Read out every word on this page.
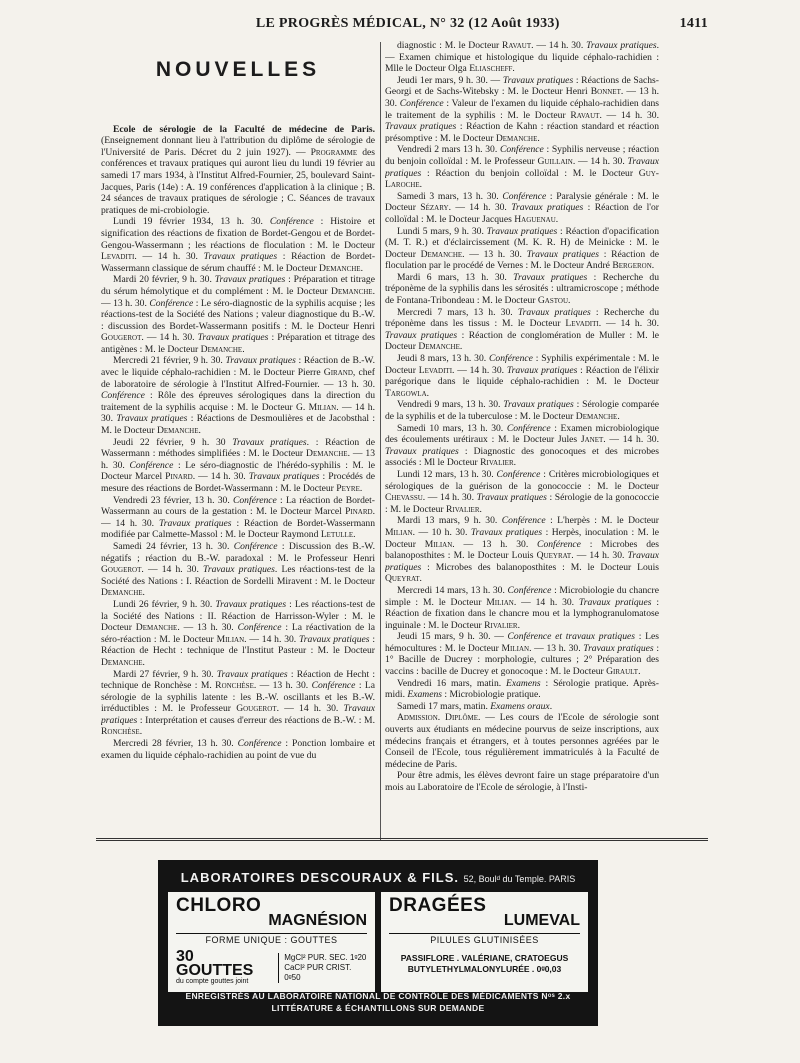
LE PROGRÈS MÉDICAL, N° 32 (12 Août 1933)	1411
NOUVELLES

Ecole de sérologie de la Faculté de médecine de Paris. (Enseignement donnant lieu à l'attribution du diplôme de sérologie de l'Université de Paris. Décret du 2 juin 1927). — Programme des conférences et travaux pratiques qui auront lieu du lundi 19 février au samedi 17 mars 1934, à l'Institut Alfred-Fournier, 25, boulevard Saint-Jacques, Paris (14e) : A. 19 conférences d'application à la clinique ; B. 24 séances de travaux pratiques de sérologie ; C. Séances de travaux pratiques de mi-crobiologie.

Lundi 19 février 1934, 13 h. 30. Conférence : Histoire et signification des réactions de fixation de Bordet-Gengou et de Bordet-Gengou-Wassermann ; les réactions de floculation : M. le Docteur Levaditi. — 14 h. 30. Travaux pratiques : Réaction de Bordet-Wassermann classique de sérum chauffé : M. le Docteur Demanche.

Mardi 20 février, 9 h. 30. Travaux pratiques : Préparation et titrage du sérum hémolytique et du complément : M. le Docteur Demanche. — 13 h. 30. Conférence : Le séro-diagnostic de la syphilis acquise ; les réactions-test de la Société des Nations ; valeur diagnostique du B.-W. : discussion des Bordet-Wassermann positifs : M. le Docteur Henri Gougerot. — 14 h. 30. Travaux pratiques : Préparation et titrage des antigènes : M. le Docteur Demanche.

Mercredi 21 février, 9 h. 30. Travaux pratiques : Réaction de B.-W. avec le liquide céphalo-rachidien : M. le Docteur Pierre Girand, chef de laboratoire de sérologie à l'Institut Alfred-Fournier. — 13 h. 30. Conférence : Rôle des épreuves sérologiques dans la direction du traitement de la syphilis acquise : M. le Docteur G. Milian. — 14 h. 30. Travaux pratiques : Réactions de Desmoulières et de Jacobsthal : M. le Docteur Demanche.

Jeudi 22 février, 9 h. 30 Travaux pratiques. : Réaction de Wassermann : méthodes simplifiées : M. le Docteur Demanche. — 13 h. 30. Conférence : Le séro-diagnostic de l'hérédo-syphilis : M. le Docteur Marcel Pinard. — 14 h. 30. Travaux pratiques : Procédés de mesure des réactions de Bordet-Wassermann : M. le Docteur Peyre.

Vendredi 23 février, 13 h. 30. Conférence : La réaction de Bordet-Wassermann au cours de la gestation : M. le Docteur Marcel Pinard. — 14 h. 30. Travaux pratiques : Réaction de Bordet-Wassermann modifiée par Calmette-Massol : M. le Docteur Raymond Letulle.

Samedi 24 février, 13 h. 30. Conférence : Discussion des B.-W. négatifs ; réaction du B.-W. paradoxal : M. le Professeur Henri Gougerot. — 14 h. 30. Travaux pratiques. Les réactions-test de la Société des Nations : I. Réaction de Sordelli Miravent : M. le Docteur Demanche.

Lundi 26 février, 9 h. 30. Travaux pratiques : Les réactions-test de la Société des Nations : II. Réaction de Harrisson-Wyler : M. le Docteur Demanche. — 13 h. 30. Conférence : La réactivation de la séro-réaction : M. le Docteur Milian. — 14 h. 30. Travaux pratiques : Réaction de Hecht : technique de l'Institut Pasteur : M. le Docteur Demanche.

Mardi 27 février, 9 h. 30. Travaux pratiques : Réaction de Hecht : technique de Ronchèse : M. Ronchèse. — 13 h. 30. Conférence : La sérologie de la syphilis latente : les B.-W. oscillants et les B.-W. irréductibles : M. le Professeur Gougerot. — 14 h. 30. Travaux pratiques : Interprétation et causes d'erreur des réactions de B.-W. : M. Ronchèse.

Mercredi 28 février, 13 h. 30. Conférence : Ponction lombaire et examen du liquide céphalo-rachidien au point de vue du

diagnostic : M. le Docteur Ravaut. — 14 h. 30. Travaux pratiques. — Examen chimique et histologique du liquide céphalo-rachidien : Mlle le Docteur Olga Eliascheff.

Jeudi 1er mars, 9 h. 30. — Travaux pratiques : Réactions de Sachs-Georgi et de Sachs-Witebsky : M. le Docteur Henri Bonnet. — 13 h. 30. Conférence : Valeur de l'examen du liquide céphalo-rachidien dans le traitement de la syphilis : M. le Docteur Ravaut. — 14 h. 30. Travaux pratiques : Réaction de Kahn : réaction standard et réaction présomptive : M. le Docteur Demanche.

Vendredi 2 mars 13 h. 30. Conférence : Syphilis nerveuse ; réaction du benjoin colloïdal : M. le Professeur Guillain. — 14 h. 30. Travaux pratiques : Réaction du benjoin colloïdal : M. le Docteur Guy-Laroche.

Samedi 3 mars, 13 h. 30. Conférence : Paralysie générale : M. le Docteur Sézary. — 14 h. 30. Travaux pratiques : Réaction de l'or colloïdal : M. le Docteur Jacques Haguenau.

Lundi 5 mars, 9 h. 30. Travaux pratiques : Réaction d'opacification (M. T. R.) et d'éclaircissement (M. K. R. H) de Meinicke : M. le Docteur Demanche. — 13 h. 30. Travaux pratiques : Réaction de floculation par le procédé de Vernes : M. le Docteur André Bergeron.

Mardi 6 mars, 13 h. 30. Travaux pratiques : Recherche du tréponème de la syphilis dans les sérosités : ultramicroscope ; méthode de Fontana-Tribondeau : M. le Docteur Gastou.

Mercredi 7 mars, 13 h. 30. Travaux pratiques : Recherche du tréponème dans les tissus : M. le Docteur Levaditi. — 14 h. 30. Travaux pratiques : Réaction de conglomération de Muller : M. le Docteur Demanche.

Jeudi 8 mars, 13 h. 30. Conférence : Syphilis expérimentale : M. le Docteur Levaditi. — 14 h. 30. Travaux pratiques : Réaction de l'élixir parégorique dans le liquide céphalo-rachidien : M. le Docteur Targowla.

Vendredi 9 mars, 13 h. 30. Travaux pratiques : Sérologie comparée de la syphilis et de la tuberculose : M. le Docteur Demanche.

Samedi 10 mars, 13 h. 30. Conférence : Examen microbiologique des écoulements urétiraux : M. le Docteur Jules Janet. — 14 h. 30. Travaux pratiques : Diagnostic des gonocoques et des microbes associés : Ml le Docteur Rivalier.

Lundi 12 mars, 13 h. 30. Conférence : Critères microbiologiques et sérologiques de la guérison de la gonococcie : M. le Docteur Chevassu. — 14 h. 30. Travaux pratiques : Sérologie de la gonococcie : M. le Docteur Rivalier.

Mardi 13 mars, 9 h. 30. Conférence : L'herpès : M. le Docteur Milian. — 10 h. 30. Travaux pratiques : Herpès, inoculation : M. le Docteur Milian. — 13 h. 30. Conférence : Microbes des balanoposthites : M. le Docteur Louis Queyrat. — 14 h. 30. Travaux pratiques : Microbes des balanoposthites : M. le Docteur Louis Queyrat.

Mercredi 14 mars, 13 h. 30. Conférence : Microbiologie du chancre simple : M. le Docteur Milian. — 14 h. 30. Travaux pratiques : Réaction de fixation dans le chancre mou et la lymphogranulomatose inguinale : M. le Docteur Rivalier.

Jeudi 15 mars, 9 h. 30. — Conférence et travaux pratiques : Les hémocultures : M. le Docteur Milian. — 13 h. 30. Travaux pratiques : 1° Bacille de Ducrey : morphologie, cultures ; 2° Préparation des vaccins : bacille de Ducrey et gonocoque : M. le Docteur Girault.

Vendredi 16 mars, matin. Examens : Sérologie pratique. Après-midi. Examens : Microbiologie pratique.

Samedi 17 mars, matin. Examens oraux.

Admission. Diplôme. — Les cours de l'Ecole de sérologie sont ouverts aux étudiants en médecine pourvus de seize inscriptions, aux médecins français et étrangers, et à toutes personnes agréées par le Conseil de l'Ecole, tous régulièrement immatriculés à la Faculté de médecine de Paris.

Pour être admis, les élèves devront faire un stage préparatoire d'un mois au Laboratoire de l'Ecole de sérologie, à l'Insti-

LABORATOIRES DESCOURAUX & FILS. 52, Boulᵈ du Temple. PARIS
CHLORO
MAGNÉSION
FORME UNIQUE : GOUTTES
30 GOUTTES
du compte gouttes joint
MgCl² PUR. SEC. 1ᵍ20
CaCl² PUR CRIST. 0ᵍ50
DRAGÉES
LUMEVAL
PILULES GLUTINISÉES
PASSIFLORE . VALÉRIANE, CRATOEGUS
BUTYLETHYLMALONYLURÉE . 0ᵍ0,03
ENREGISTRÉS AU LABORATOIRE NATIONAL DE CONTRÔLE DES MÉDICAMENTS Nᵒˢ 2.x
LITTÉRATURE & ÉCHANTILLONS SUR DEMANDE
